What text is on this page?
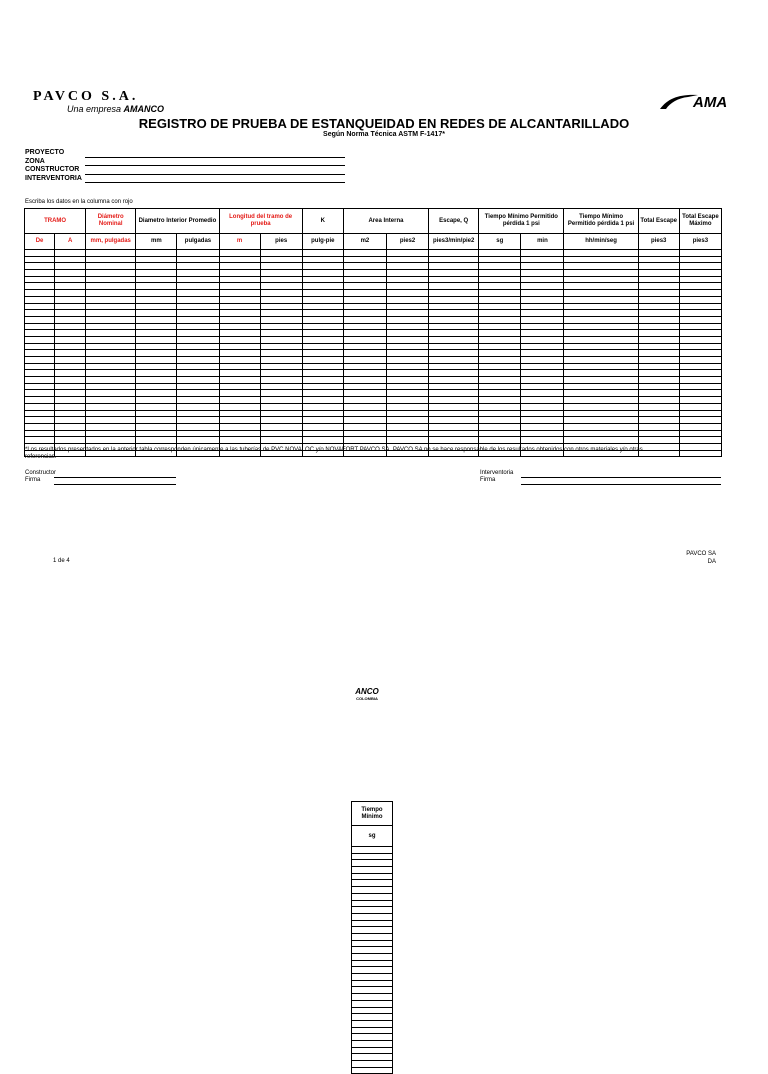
PAVCO S.A.
Una empresa AMANCO	AMA
REGISTRO DE PRUEBA DE ESTANQUEIDAD EN REDES DE ALCANTARILLADO
Según Norma Técnica ASTM F-1417*
PROYECTO
ZONA
CONSTRUCTOR
INTERVENTORIA
Escriba los datos en la columna con rojo
TRAMO		Diámetro Nominal	Diametro Interior Promedio		Longitud del tramo de prueba		K	Area Interna		Escape, Q	Tiempo Mínimo Permitido pérdida 1 psi		Tiempo Mínimo Permitido pérdida 1 psi	Total Escape	Total Escape Máximo
De	A	mm, pulgadas	mm	pulgadas	m	pies	pulg-pie	m2	pies2	pies3/min/pie2	sg	min	hh/min/seg	pies3	pies3

*Los resultados presentados en la anterior tabla corresponden únicamente a las tuberías de PVC NOVALOC y/o NOVAFORT PAVCO SA. PAVCO SA no se hace responsable de los resultados obtenidos con otros materiales y/o otras referencias.
Constructor
Firma
Interventoria
Firma
1 de 4
PAVCO SA
DA
ANCO
COLOMBIA
Tiempo Mínimo
sg
